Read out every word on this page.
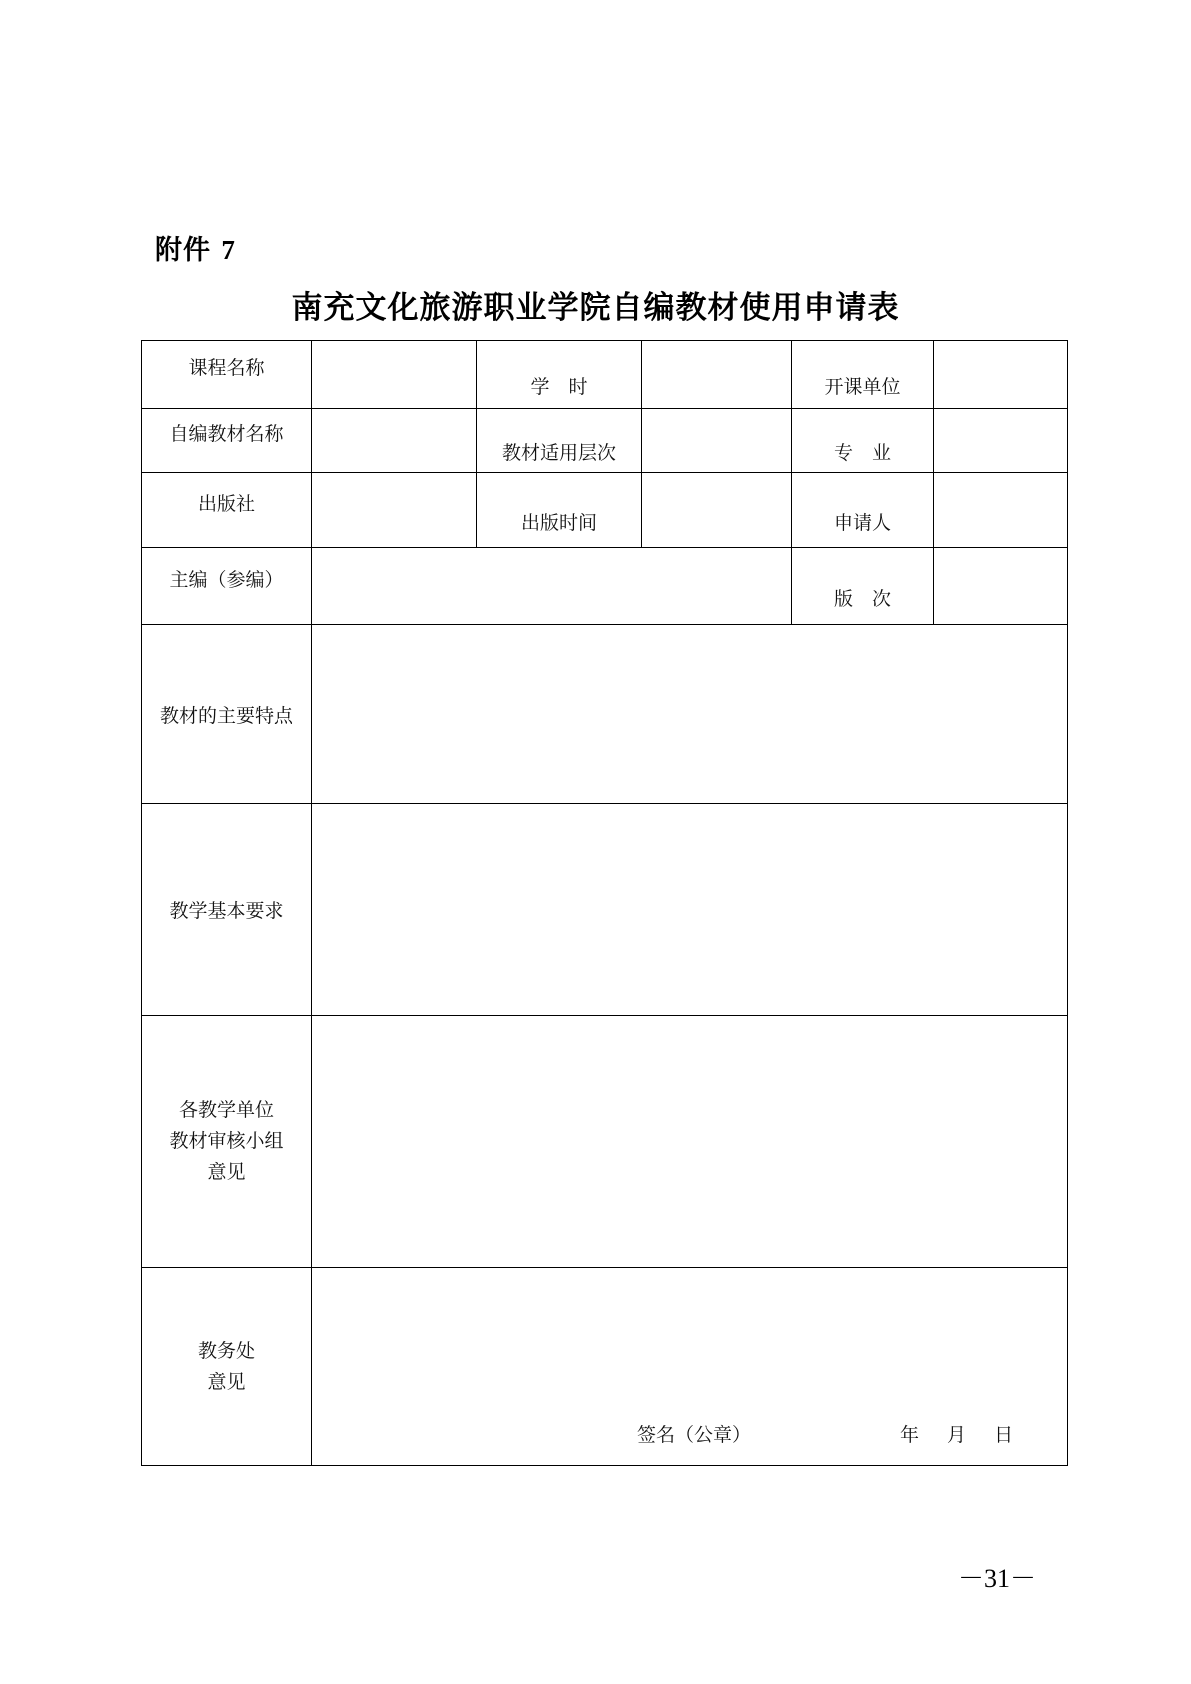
附件 7
南充文化旅游职业学院自编教材使用申请表
课程名称		学　时		开课单位	
自编教材名称		教材适用层次		专　业	
出版社		出版时间		申请人	
主编（参编）				版　次	
教材的主要特点					
教学基本要求					

各教学单位
教材审核小组
意见					

教务处
意见	签名（公章） 年 月 日				
－31－
